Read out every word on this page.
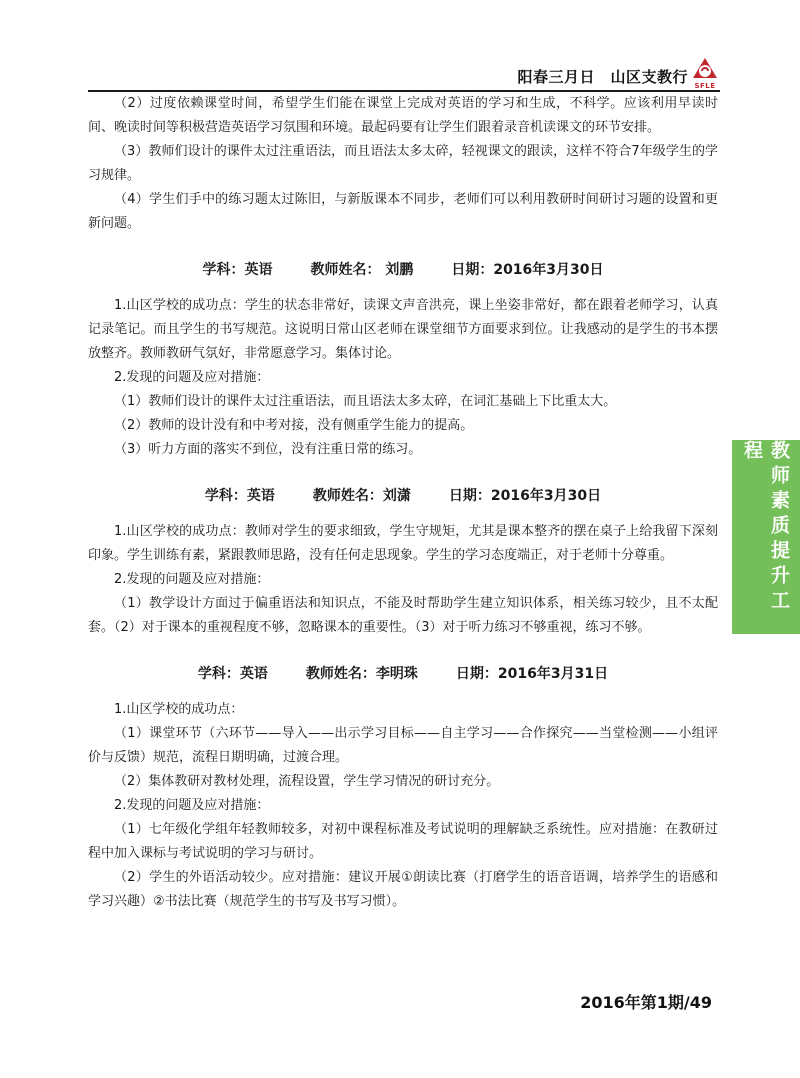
阳春三月日　山区支教行 SFLE
教师素质提升工程

（2）过度依赖课堂时间，希望学生们能在课堂上完成对英语的学习和生成，不科学。应该利用早读时间、晚读时间等积极营造英语学习氛围和环境。最起码要有让学生们跟着录音机读课文的环节安排。

（3）教师们设计的课件太过注重语法，而且语法太多太碎，轻视课文的跟读，这样不符合7年级学生的学习规律。

（4）学生们手中的练习题太过陈旧，与新版课本不同步，老师们可以利用教研时间研讨习题的设置和更新问题。

学科：英语	教师姓名： 刘鹏	日期：2016年3月30日

1.山区学校的成功点：学生的状态非常好，读课文声音洪亮，课上坐姿非常好，都在跟着老师学习，认真记录笔记。而且学生的书写规范。这说明日常山区老师在课堂细节方面要求到位。让我感动的是学生的书本摆放整齐。教师教研气氛好，非常愿意学习。集体讨论。

2.发现的问题及应对措施：

（1）教师们设计的课件太过注重语法，而且语法太多太碎，在词汇基础上下比重太大。

（2）教师的设计没有和中考对接，没有侧重学生能力的提高。

（3）听力方面的落实不到位，没有注重日常的练习。

学科：英语	教师姓名：刘潇	日期：2016年3月30日

1.山区学校的成功点：教师对学生的要求细致，学生守规矩，尤其是课本整齐的摆在桌子上给我留下深刻印象。学生训练有素，紧跟教师思路，没有任何走思现象。学生的学习态度端正，对于老师十分尊重。

2.发现的问题及应对措施：

（1）教学设计方面过于偏重语法和知识点，不能及时帮助学生建立知识体系，相关练习较少，且不太配套。（2）对于课本的重视程度不够，忽略课本的重要性。（3）对于听力练习不够重视，练习不够。

学科：英语	教师姓名：李明珠	日期：2016年3月31日

1.山区学校的成功点：

（1）课堂环节（六环节——导入——出示学习目标——自主学习——合作探究——当堂检测——小组评价与反馈）规范，流程日期明确，过渡合理。

（2）集体教研对教材处理，流程设置，学生学习情况的研讨充分。

2.发现的问题及应对措施：

（1）七年级化学组年轻教师较多，对初中课程标准及考试说明的理解缺乏系统性。应对措施：在教研过程中加入课标与考试说明的学习与研讨。

（2）学生的外语活动较少。应对措施：建议开展①朗读比赛（打磨学生的语音语调，培养学生的语感和学习兴趣）②书法比赛（规范学生的书写及书写习惯）。

2016年第1期/49
